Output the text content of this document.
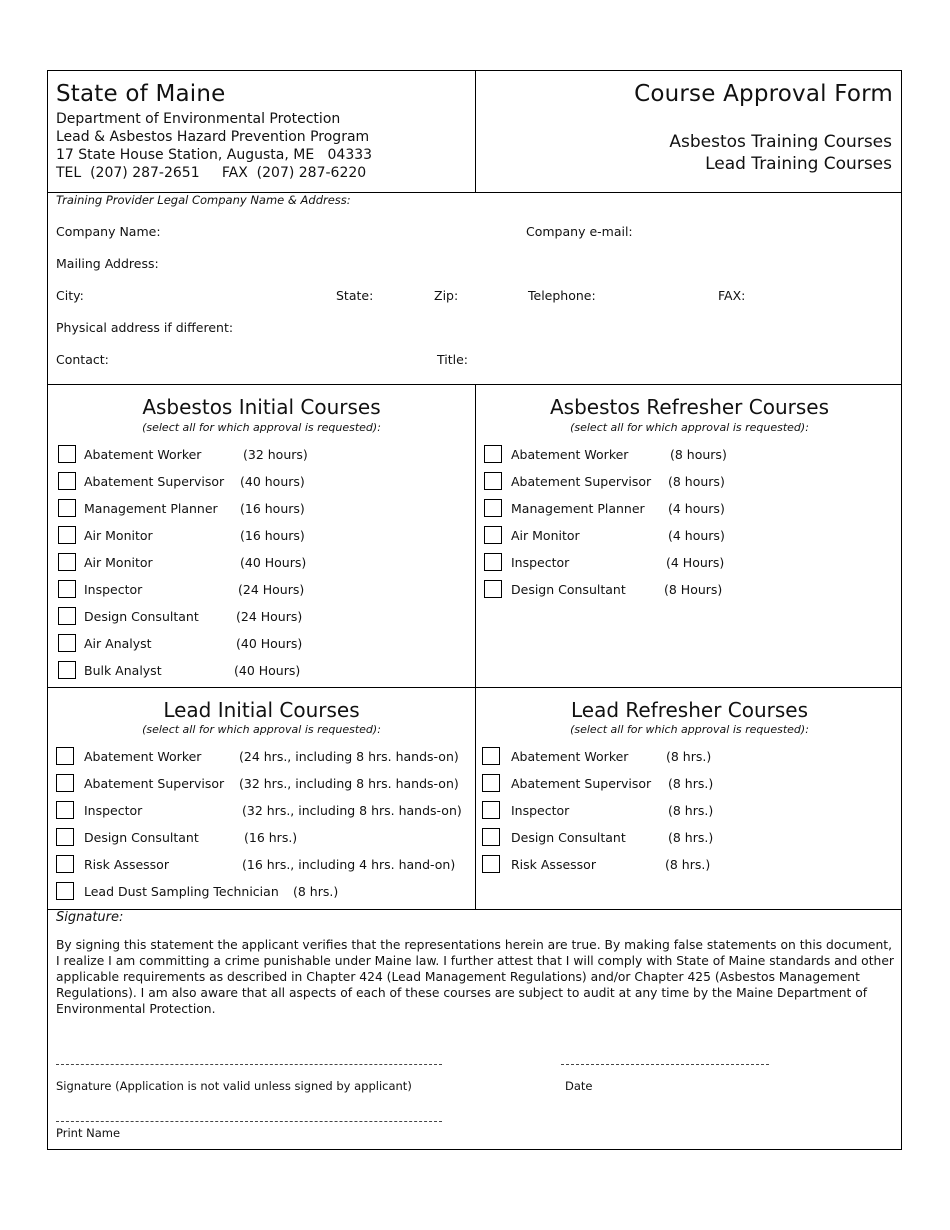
State of Maine
Department of Environmental Protection
Lead & Asbestos Hazard Prevention Program
17 State House Station, Augusta, ME   04333
TEL  (207) 287-2651     FAX  (207) 287-6220
Course Approval Form
Asbestos Training Courses
Lead Training Courses
Training Provider Legal Company Name & Address:
Company Name:	Company e-mail:
Mailing Address:
City:	State:	Zip:	Telephone:	FAX:
Physical address if different:
Contact:	Title:
Asbestos Initial Courses
(select all for which approval is requested):
Abatement Worker	(32 hours)
Abatement Supervisor (40 hours)
Management Planner (16 hours)
Air Monitor	(16 hours)
Air Monitor	(40 Hours)
Inspector	(24 Hours)
Design Consultant	(24 Hours)
Air Analyst	(40 Hours)
Bulk Analyst	(40 Hours)
Asbestos Refresher Courses
(select all for which approval is requested):
Abatement Worker	(8 hours)
Abatement Supervisor (8 hours)
Management Planner (4 hours)
Air Monitor	(4 hours)
Inspector	(4 Hours)
Design Consultant	(8 Hours)
Lead Initial Courses
(select all for which approval is requested):
Abatement Worker	(24 hrs., including 8 hrs. hands-on)
Abatement Supervisor (32 hrs., including 8 hrs. hands-on)
Inspector	(32 hrs., including 8 hrs. hands-on)
Design Consultant	(16 hrs.)
Risk Assessor	(16 hrs., including 4 hrs. hand-on)
Lead Dust Sampling Technician (8 hrs.)
Lead Refresher Courses
(select all for which approval is requested):
Abatement Worker	(8 hrs.)
Abatement Supervisor (8 hrs.)
Inspector	(8 hrs.)
Design Consultant	(8 hrs.)
Risk Assessor	(8 hrs.)
Signature:
By signing this statement the applicant verifies that the representations herein are true. By making false statements on this document, I realize I am committing a crime punishable under Maine law. I further attest that I will comply with State of Maine standards and other applicable requirements as described in Chapter 424 (Lead Management Regulations) and/or Chapter 425 (Asbestos Management Regulations). I am also aware that all aspects of each of these courses are subject to audit at any time by the Maine Department of Environmental Protection.
Signature (Application is not valid unless signed by applicant)	Date
Print Name
